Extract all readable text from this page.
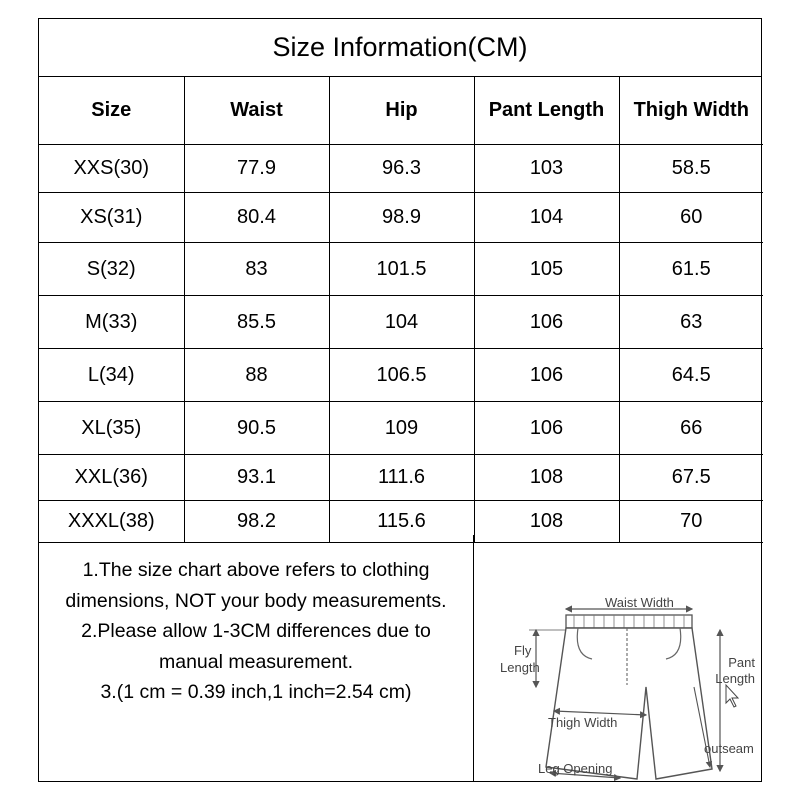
Size Information(CM)
Size	Waist	Hip	Pant Length	Thigh Width
XXS(30)	77.9	96.3	103	58.5
XS(31)	80.4	98.9	104	60
S(32)	83	101.5	105	61.5
M(33)	85.5	104	106	63
L(34)	88	106.5	106	64.5
XL(35)	90.5	109	106	66
XXL(36)	93.1	111.6	108	67.5
XXXL(38)	98.2	115.6	108	70
1.The size chart above refers to clothing
dimensions, NOT your body measurements.
2.Please allow 1-3CM differences due to
manual measurement.
3.(1 cm = 0.39 inch,1 inch=2.54 cm)
Waist Width
Fly
Length	Pant
Length
Thigh Width
outseam
Leg Opening
